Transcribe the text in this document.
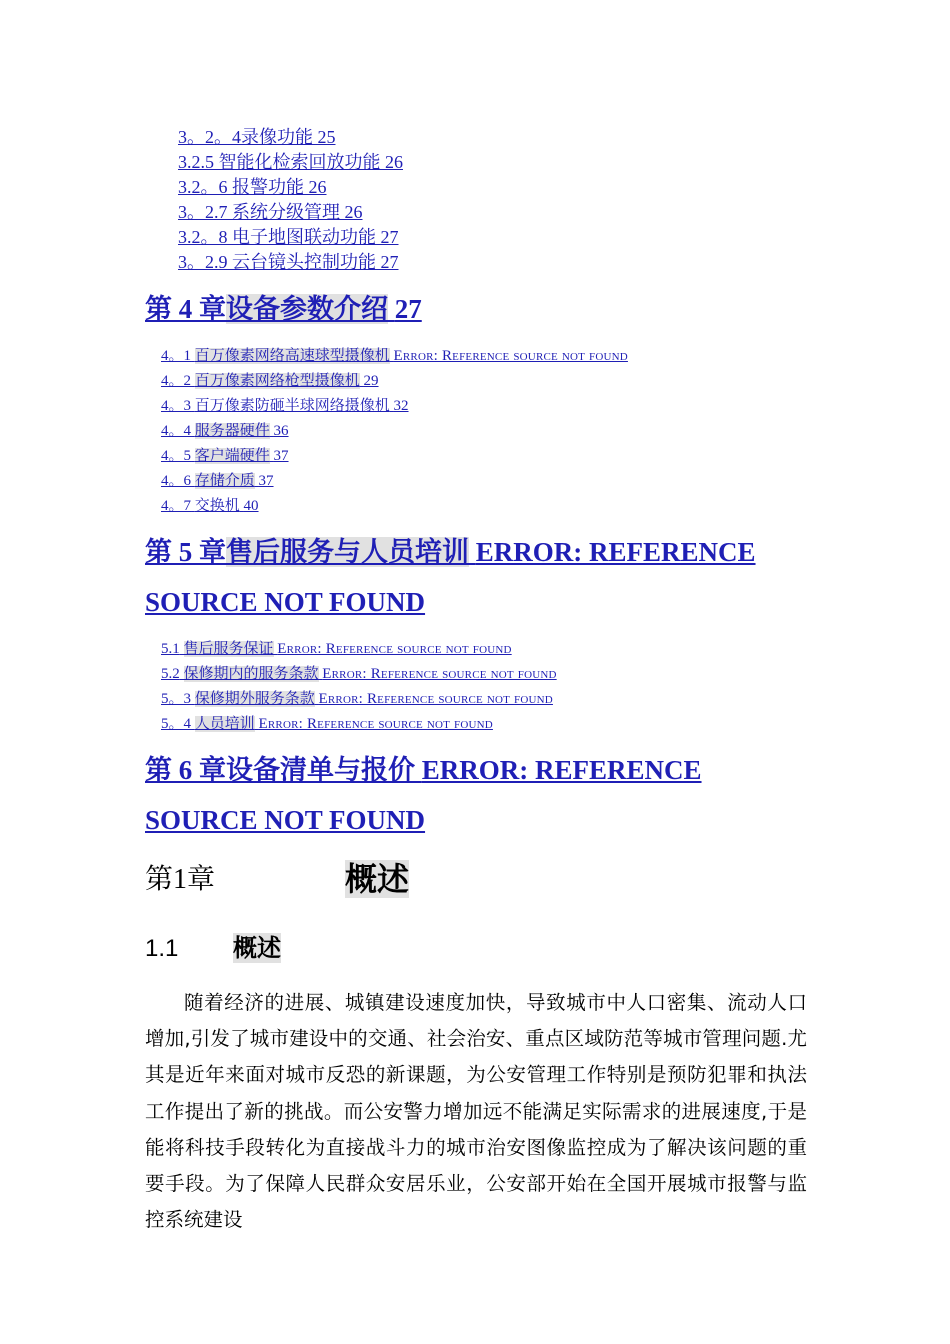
3。2。4录像功能 25
3.2.5 智能化检索回放功能 26
3.2。6 报警功能 26
3。2.7 系统分级管理 26
3.2。8 电子地图联动功能 27
3。2.9 云台镜头控制功能 27
第 4 章设备参数介绍 27
4。1 百万像素网络高速球型摄像机 Error: Reference source not found
4。2 百万像素网络枪型摄像机 29
4。3 百万像素防砸半球网络摄像机 32
4。4 服务器硬件 36
4。5 客户端硬件 37
4。6 存储介质 37
4。7 交换机 40
第 5 章售后服务与人员培训 ERROR: REFERENCE
SOURCE NOT FOUND
5.1 售后服务保证 Error: Reference source not found
5.2 保修期内的服务条款 Error: Reference source not found
5。3 保修期外服务条款 Error: Reference source not found
5。4 人员培训 Error: Reference source not found
第 6 章设备清单与报价 ERROR: REFERENCE
SOURCE NOT FOUND
第1章	概述
1.1 概述
随着经济的进展、城镇建设速度加快，导致城市中人口密集、流动人口增加,引发了城市建设中的交通、社会治安、重点区域防范等城市管理问题.尤其是近年来面对城市反恐的新课题，为公安管理工作特别是预防犯罪和执法工作提出了新的挑战。而公安警力增加远不能满足实际需求的进展速度,于是能将科技手段转化为直接战斗力的城市治安图像监控成为了解决该问题的重要手段。为了保障人民群众安居乐业，公安部开始在全国开展城市报警与监控系统建设
